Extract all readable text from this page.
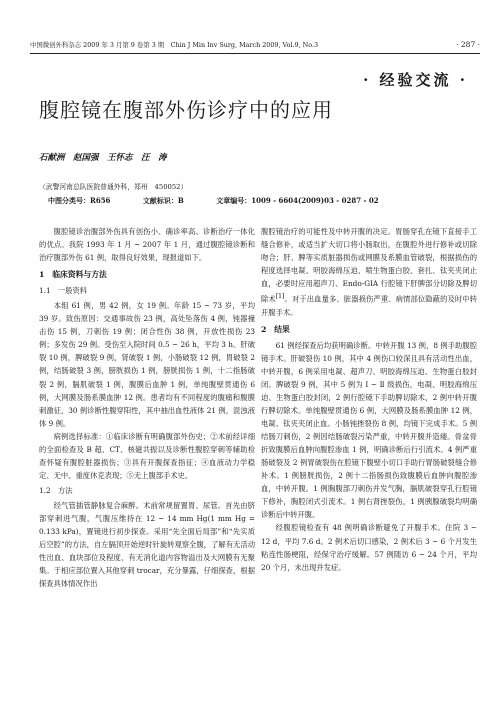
中国微创外科杂志 2009 年 3 月第 9 卷第 3 期　Chin J Min Inv Surg, March 2009, Vol.9, No.3	· 287 ·
· 经验交流 ·
腹腔镜在腹部外伤诊疗中的应用
石献洲　赵国强　王怀志　汪　涛
（武警河南总队医院普通外科，郑州　450052）
中图分类号：R656	文献标识：B	文章编号：1009 - 6604(2009)03 - 0287 - 02

腹腔镜诊治腹部外伤具有创伤小、确诊率高、诊断治疗一体化的优点。我院 1993 年 1 月 ~ 2007 年 1 月，通过腹腔镜诊断和治疗腹部外伤 61 例，取得良好效果，现报道如下。

1　临床资料与方法

1.1　一般资料

本组 61 例，男 42 例，女 19 例。年龄 15 ~ 73 岁，平均 39 岁。致伤原因：交通事故伤 23 例，高处坠落伤 4 例，钝器撞击伤 15 例，刀刺伤 19 例；闭合性伤 38 例，开放性损伤 23 例；多发伤 29 例。受伤至入院时间 0.5 ~ 26 h，平均 3 h。肝破裂 10 例，脾破裂 9 例，肾破裂 1 例，小肠破裂 12 例，胃破裂 2 例，结肠破裂 3 例，膀胱损伤 1 例，膀胱损伤 1 例，十二指肠破裂 2 例，膈肌破裂 1 例，腹膜后血肿 1 例，单纯腹壁贯通伤 6 例，大网膜及肠系膜血肿 12 例。患者均有不同程度的腹痛和腹膜刺激征，30 例诊断性腹穿阳性，其中抽出血性液体 21 例，混浊液体 9 例。

病例选择标准：①临床诊断有明确腹部外伤史；②术前经详细的全面检查及 B 超、CT、核磁共振以及诊断性腹腔穿刺等辅助检查怀疑有腹腔脏器损伤；③具有开腹探查指征；④血液动力学稳定、无中、重度休克表现；⑤无上腹部手术史。

1.2　方法

经气管插管静脉复合麻醉。术前常规留置胃、尿管。首先由脐部穿刺进气腹，气腹压维持在 12 ~ 14 mm Hg(1 mm Hg = 0.133 kPa)，置镜进行初步探查。采用“先全面后局部”和“先实质后空腔”的方法，自左膈顶开始逆时针旋转观察全腹，了解有无活动性出血、血块部位及程度、有无消化道内容物溢出及大网膜有无聚集。于相应部位置入其他穿刺 trocar，充分暴露，仔细探查，根据探查具体情况作出

腹腔镜治疗的可能性及中转开腹的决定。胃肠穿孔在镜下直接手工缝合修补，或适当扩大切口将小肠取出，在腹腔外进行修补或切除吻合；肝、脾等实质脏器损伤或网膜及系膜血管破裂，根据损伤的程度选择电凝、明胶海绵压迫、喷生物蛋白胶、套扎、钛夹夹闭止血，必要时应用超声刀、Endo-GIA 行腔镜下肝脾部分切除及脾切除术[1]。对于出血量多、脏器损伤严重、病情部位隐蔽的及时中转开腹手术。

2　结果

61 例经探查后均获明确诊断。中转开腹 13 例，8 例手助腹腔镜手术。肝破裂伤 10 例，其中 4 例伤口较深且具有活动性出血，中转开腹，6 例采用电凝、超声刀、明胶海绵压迫、生物蛋白胶封闭。脾破裂 9 例，其中 5 例为 Ⅰ ~ Ⅱ 级损伤，电凝、明胶海绵压迫、生物蛋白胶封闭，2 例行腔镜下手助脾切除术，2 例中转开腹行脾切除术。单纯腹壁贯通伤 6 例，大网膜及肠系膜血肿 12 例，电凝、钛夹夹闭止血。小肠钝挫裂伤 8 例，均镜下完成手术。5 例结肠刀刺伤，2 例因结肠破裂污染严重，中转开腹并造瘘。骨盆骨折致腹膜后血肿向腹腔渗血 1 例，明确诊断后行引流术。4 例严重肠破裂及 2 例胃破裂伤在腔镜下腹壁小切口手助行胃肠破裂缝合修补术。1 例膀胱损伤，2 例十二指肠损伤致腹膜后血肿向腹腔渗血，中转开腹。1 例胸腹部刀刺伤并发气胸，膈肌破裂穿孔行腔镜下修补，胸腔闭式引流术。1 例右肾挫裂伤，1 例胰腺破裂均明确诊断后中转开腹。

经腹腔镜检查有 48 例明确诊断避免了开腹手术。住院 3 ~ 12 d，平均 7.6 d。2 例术后切口感染，2 例术后 3 ~ 6 个月发生粘连性肠梗阻，经保守治疗缓解。57 例随访 6 ~ 24 个月，平均 20 个月，未出现并发症。
